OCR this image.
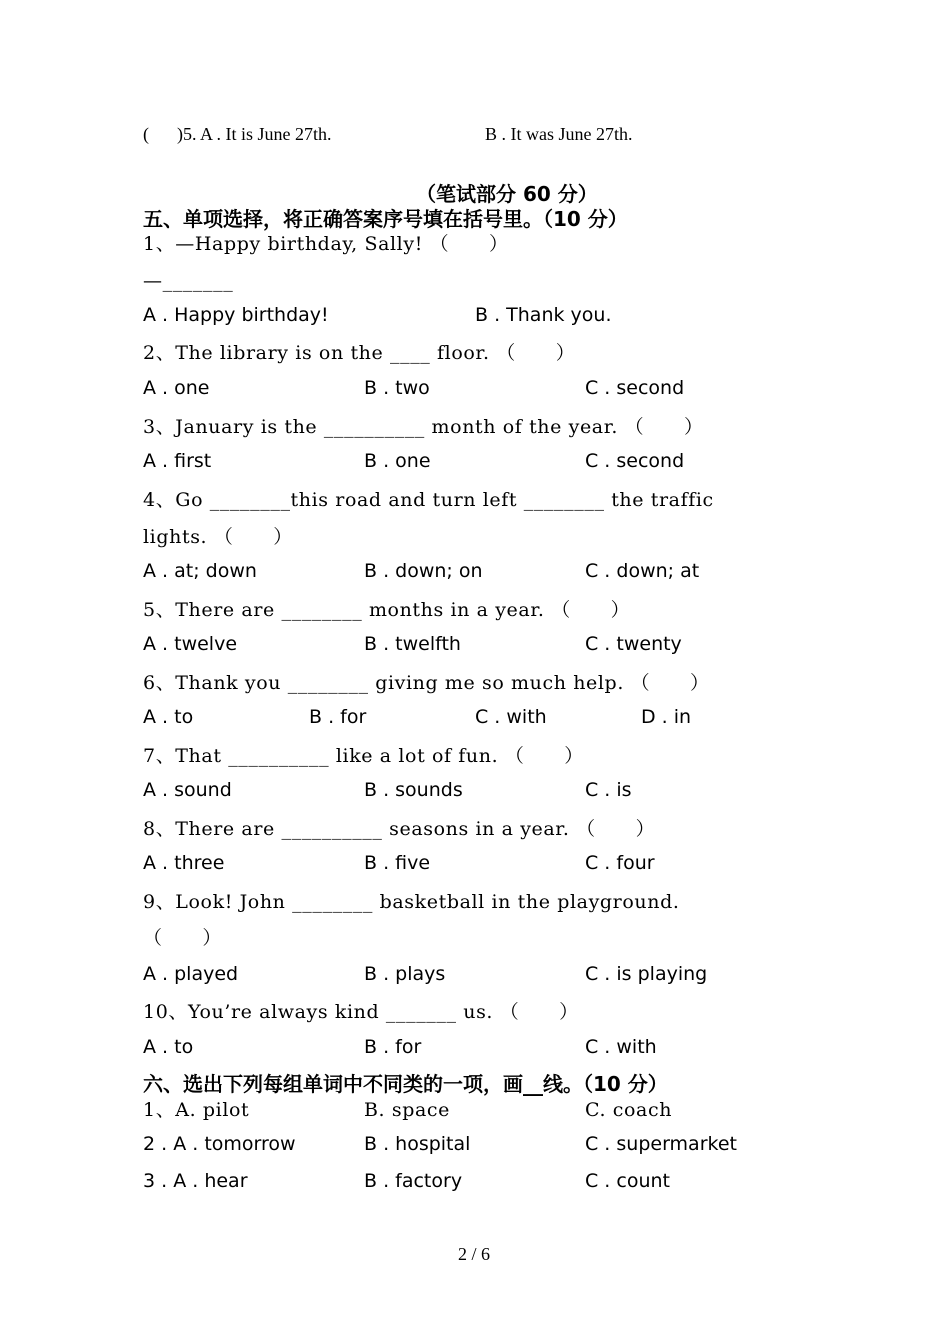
( )5. A . It is June 27th.	B . It was June 27th.
（笔试部分 60 分）
五、单项选择，将正确答案序号填在括号里。（10 分）
1、—Happy birthday, Sally! （      ）
—_______
A . Happy birthday!	B . Thank you.
2、The library is on the ____ floor. （      ）
A . one	B . two	C . second
3、January is the __________ month of the year. （      ）
A . first	B . one	C . second
4、Go ________this road and turn left ________ the traffic
lights. （      ）
A . at; down	B . down; on	C . down; at
5、There are ________ months in a year. （      ）
A . twelve	B . twelfth	C . twenty
6、Thank you ________ giving me so much help. （      ）
A . to	B . for	C . with	D . in
7、That __________ like a lot of fun. （      ）
A . sound	B . sounds	C . is
8、There are __________ seasons in a year. （      ）
A . three	B . five	C . four
9、Look! John ________ basketball in the playground.
（      ）
A . played	B . plays	C . is playing
10、You’re always kind _______ us. （      ）
A . to	B . for	C . with
六、选出下列每组单词中不同类的一项，画__线。（10 分）
1、A. pilot	B. space	C. coach
2 . A . tomorrow	B . hospital	C . supermarket
3 . A . hear	B . factory	C . count
2 / 6
